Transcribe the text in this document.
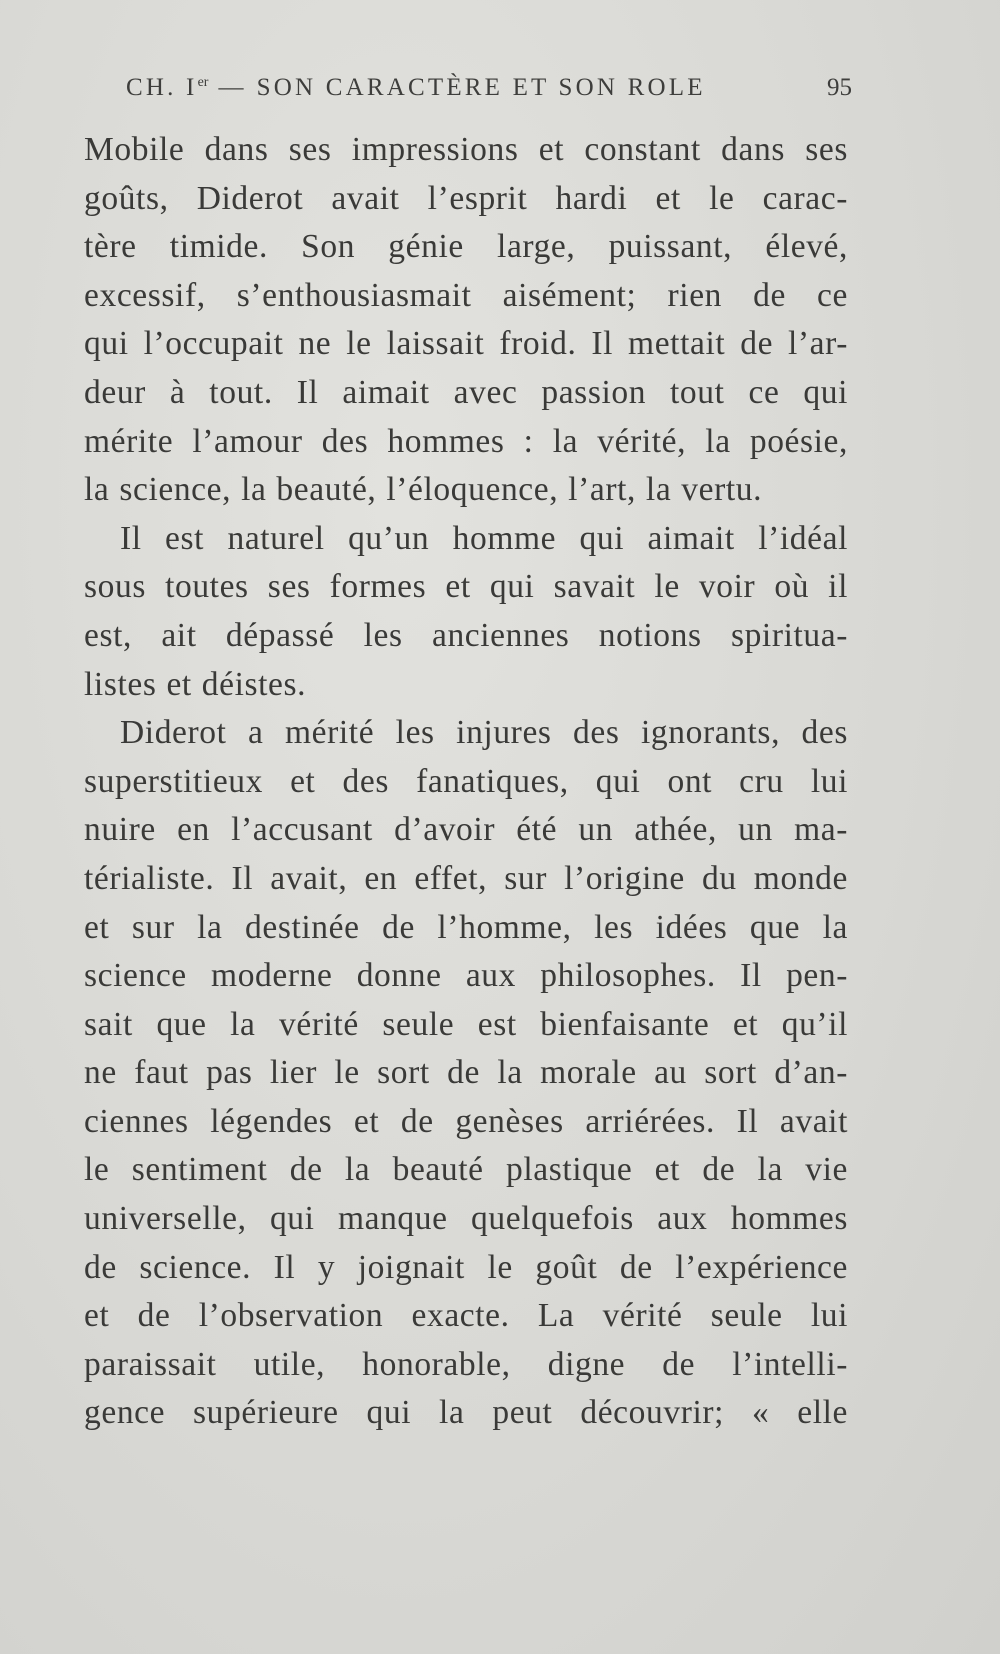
CH. Ier — SON CARACTÈRE ET SON ROLE	95
Mobile dans ses impressions et constant dans ses
goûts, Diderot avait l’esprit hardi et le carac-
tère timide. Son génie large, puissant, élevé,
excessif, s’enthousiasmait aisément; rien de ce
qui l’occupait ne le laissait froid. Il mettait de l’ar-
deur à tout. Il aimait avec passion tout ce qui
mérite l’amour des hommes : la vérité, la poésie,
la science, la beauté, l’éloquence, l’art, la vertu.
Il est naturel qu’un homme qui aimait l’idéal
sous toutes ses formes et qui savait le voir où il
est, ait dépassé les anciennes notions spiritua-
listes et déistes.
Diderot a mérité les injures des ignorants, des
superstitieux et des fanatiques, qui ont cru lui
nuire en l’accusant d’avoir été un athée, un ma-
térialiste. Il avait, en effet, sur l’origine du monde
et sur la destinée de l’homme, les idées que la
science moderne donne aux philosophes. Il pen-
sait que la vérité seule est bienfaisante et qu’il
ne faut pas lier le sort de la morale au sort d’an-
ciennes légendes et de genèses arriérées. Il avait
le sentiment de la beauté plastique et de la vie
universelle, qui manque quelquefois aux hommes
de science. Il y joignait le goût de l’expérience
et de l’observation exacte. La vérité seule lui
paraissait utile, honorable, digne de l’intelli-
gence supérieure qui la peut découvrir; « elle
